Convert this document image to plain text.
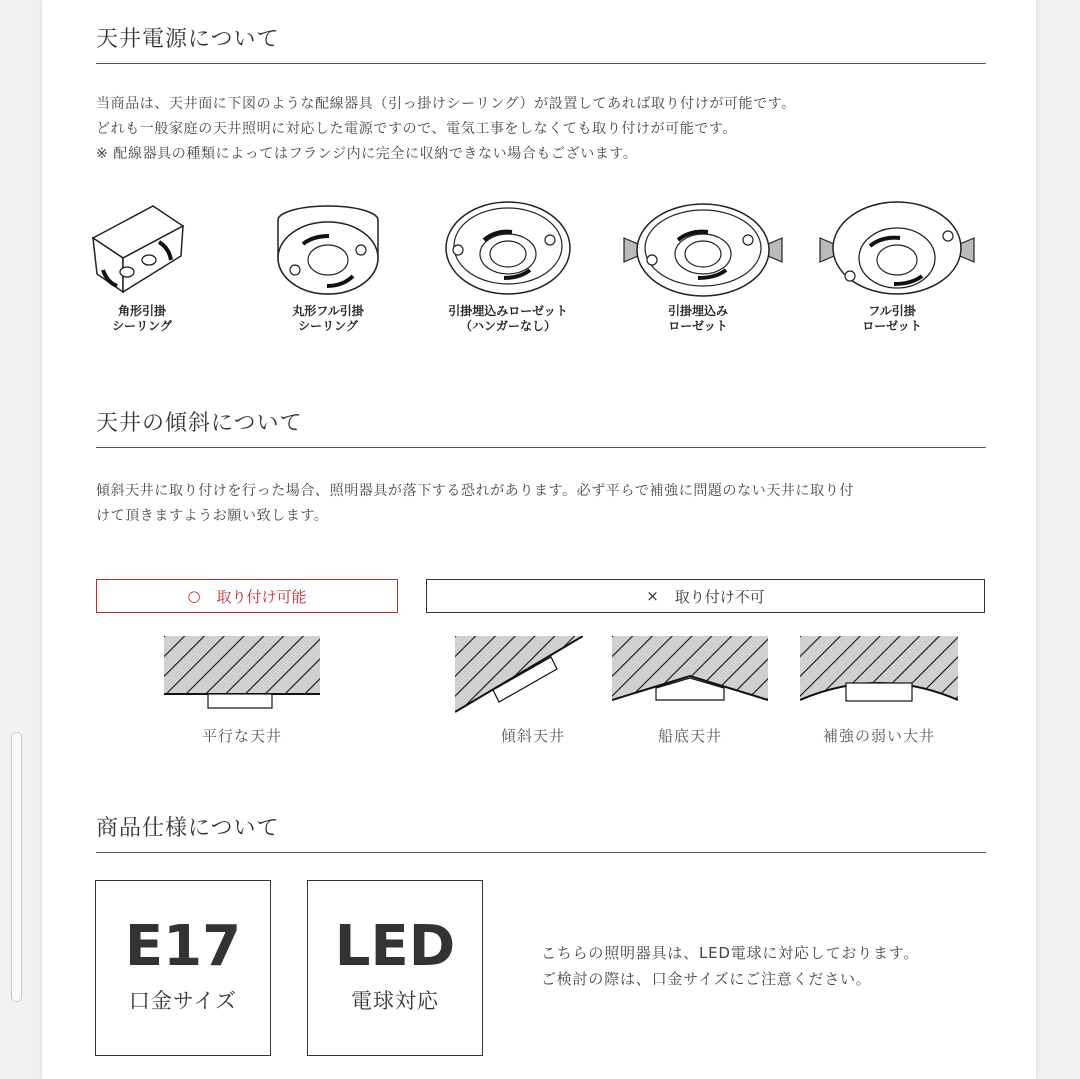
天井電源について
当商品は、天井面に下図のような配線器具（引っ掛けシーリング）が設置してあれば取り付けが可能です。
どれも一般家庭の天井照明に対応した電源ですので、電気工事をしなくても取り付けが可能です。
※ 配線器具の種類によってはフランジ内に完全に収納できない場合もございます。
角形引掛
シーリング
丸形フル引掛
シーリング
引掛埋込みローゼット
（ハンガーなし）
引掛埋込み
ローゼット
フル引掛
ローゼット
天井の傾斜について
傾斜天井に取り付けを行った場合、照明器具が落下する恐れがあります。必ず平らで補強に問題のない天井に取り付
けて頂きますようお願い致します。
○ 取り付け可能	× 取り付け不可
平行な天井	傾斜天井	船底天井	補強の弱い大井
商品仕様について
E17
口金サイズ
LED
電球対応
こちらの照明器具は、LED電球に対応しております。
ご検討の際は、口金サイズにご注意ください。
